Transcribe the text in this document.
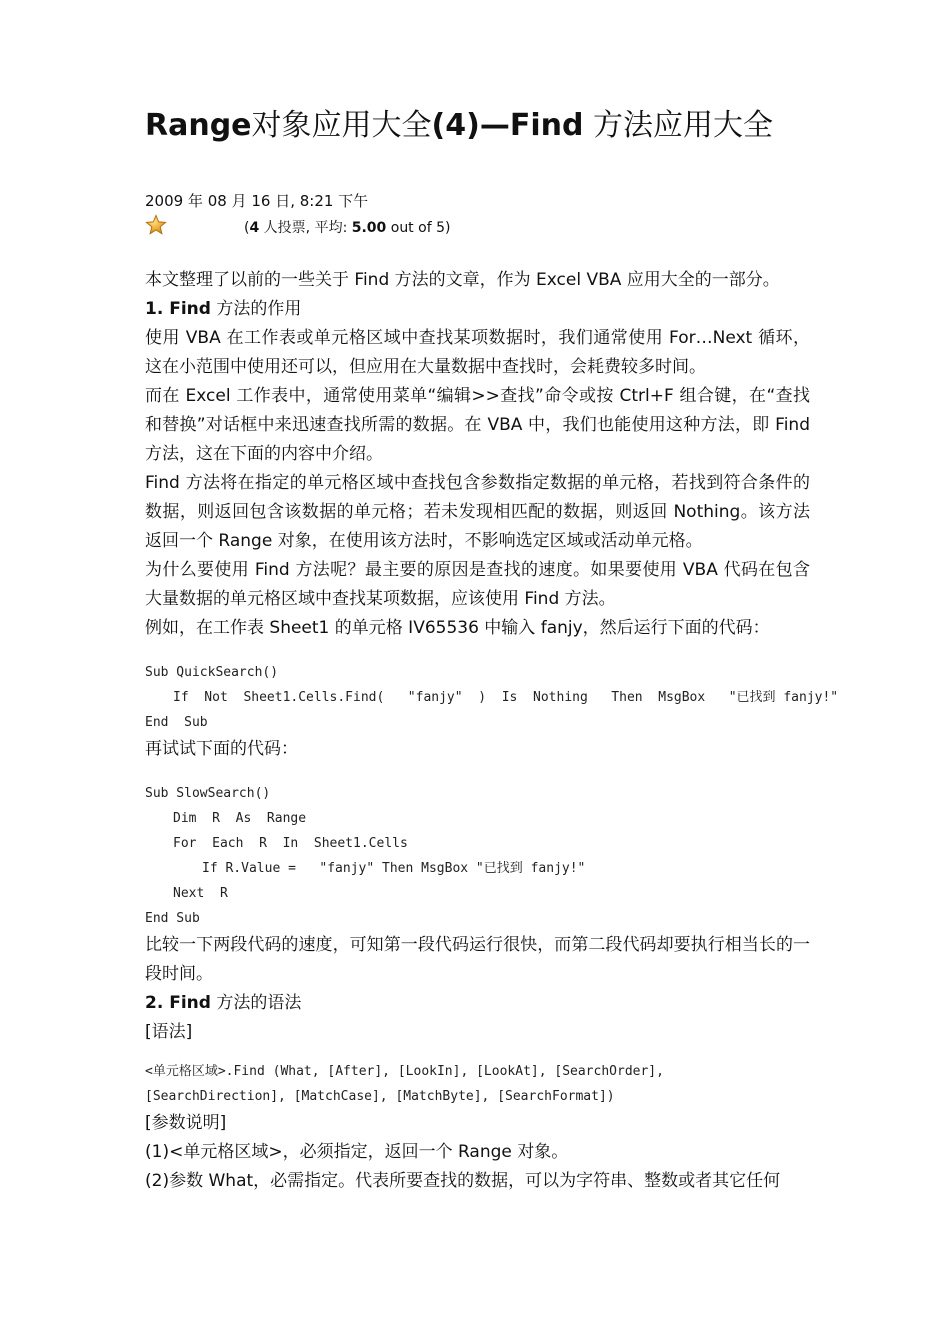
Range对象应用大全(4)—Find 方法应用大全
2009 年 08 月 16 日, 8:21 下午
(4 人投票, 平均: 5.00 out of 5)

本文整理了以前的一些关于 Find 方法的文章，作为 Excel VBA 应用大全的一部分。

1. Find 方法的作用

使用 VBA 在工作表或单元格区域中查找某项数据时，我们通常使用 For…Next 循环，这在小范围中使用还可以，但应用在大量数据中查找时，会耗费较多时间。

而在 Excel 工作表中，通常使用菜单“编辑>>查找”命令或按 Ctrl+F 组合键，在“查找和替换”对话框中来迅速查找所需的数据。在 VBA 中，我们也能使用这种方法，即 Find 方法，这在下面的内容中介绍。

Find 方法将在指定的单元格区域中查找包含参数指定数据的单元格，若找到符合条件的数据，则返回包含该数据的单元格；若未发现相匹配的数据，则返回 Nothing。该方法返回一个 Range 对象，在使用该方法时，不影响选定区域或活动单元格。

为什么要使用 Find 方法呢？最主要的原因是查找的速度。如果要使用 VBA 代码在包含大量数据的单元格区域中查找某项数据，应该使用 Find 方法。

例如，在工作表 Sheet1 的单元格 IV65536 中输入 fanjy，然后运行下面的代码：

Sub QuickSearch()
If  Not  Sheet1.Cells.Find(   "fanjy"  )  Is  Nothing   Then  MsgBox   "已找到 fanjy!"
End  Sub

再试试下面的代码：

Sub SlowSearch()
Dim  R  As  Range
For  Each  R  In  Sheet1.Cells
If R.Value =   "fanjy" Then MsgBox "已找到 fanjy!"
Next  R
End Sub

比较一下两段代码的速度，可知第一段代码运行很快，而第二段代码却要执行相当长的一段时间。

2. Find 方法的语法

[语法]

<单元格区域>.Find (What, [After], [LookIn], [LookAt], [SearchOrder],
[SearchDirection], [MatchCase], [MatchByte], [SearchFormat])

[参数说明]

(1)<单元格区域>，必须指定，返回一个 Range 对象。

(2)参数 What，必需指定。代表所要查找的数据，可以为字符串、整数或者其它任何
